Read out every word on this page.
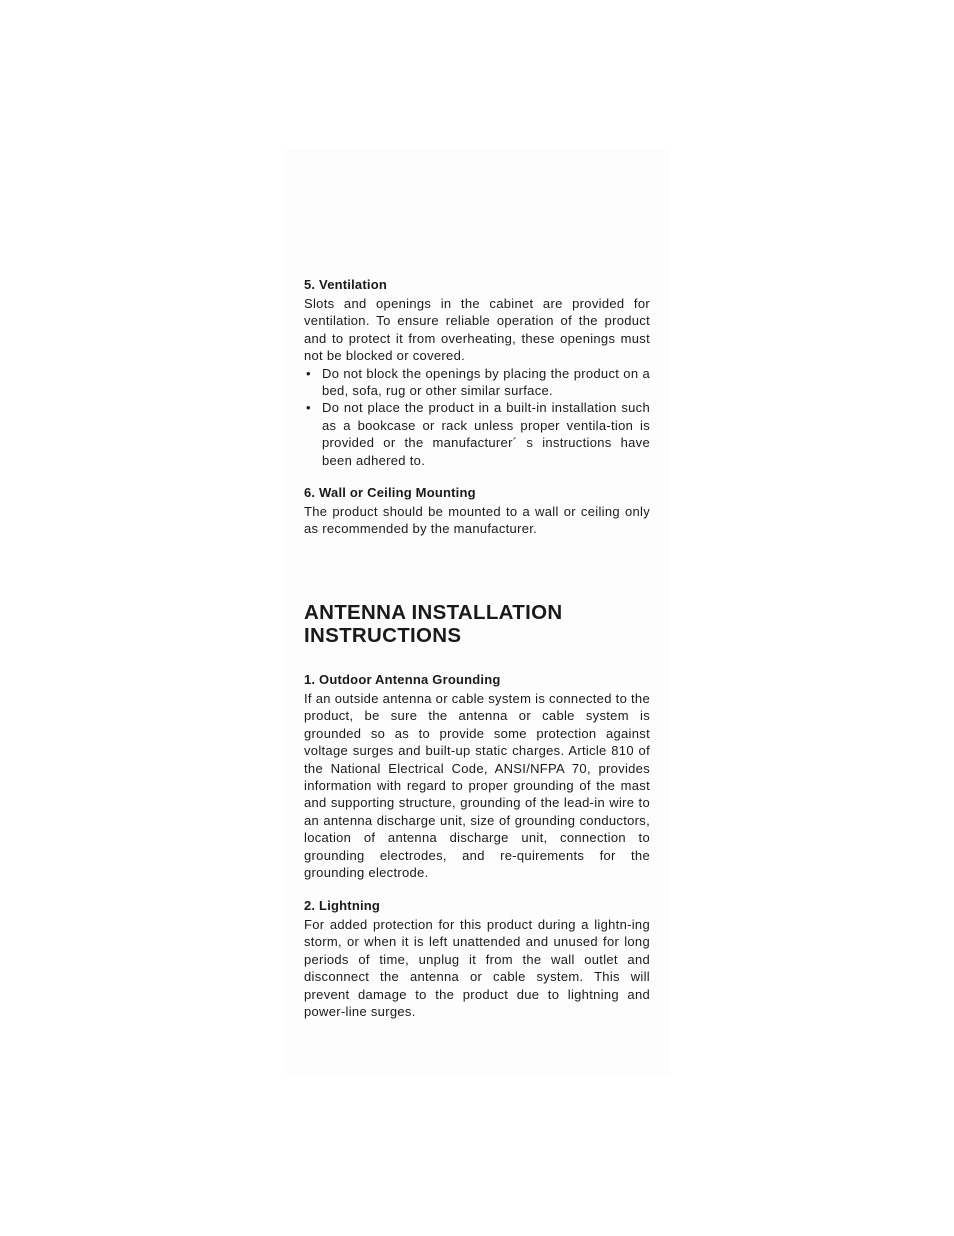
5. Ventilation

Slots and openings in the cabinet are provided for ventilation. To ensure reliable operation of the product and to protect it from overheating, these openings must not be blocked or covered.

• Do not block the openings by placing the product on a bed, sofa, rug or other similar surface.
• Do not place the product in a built-in installation such as a bookcase or rack unless proper ventila-tion is provided or the manufacturer´ s instructions have been adhered to.
6. Wall or Ceiling Mounting

The product should be mounted to a wall or ceiling only as recommended by the manufacturer.

ANTENNA INSTALLATION
INSTRUCTIONS
1. Outdoor Antenna Grounding

If an outside antenna or cable system is connected to the product, be sure the antenna or cable system is grounded so as to provide some protection against voltage surges and built-up static charges. Article 810 of the National Electrical Code, ANSI/NFPA 70, provides information with regard to proper grounding of the mast and supporting structure, grounding of the lead-in wire to an antenna discharge unit, size of grounding conductors, location of antenna discharge unit, connection to grounding electrodes, and re-quirements for the grounding electrode.

2. Lightning

For added protection for this product during a lightn-ing storm, or when it is left unattended and unused for long periods of time, unplug it from the wall outlet and disconnect the antenna or cable system. This will prevent damage to the product due to lightning and power-line surges.
